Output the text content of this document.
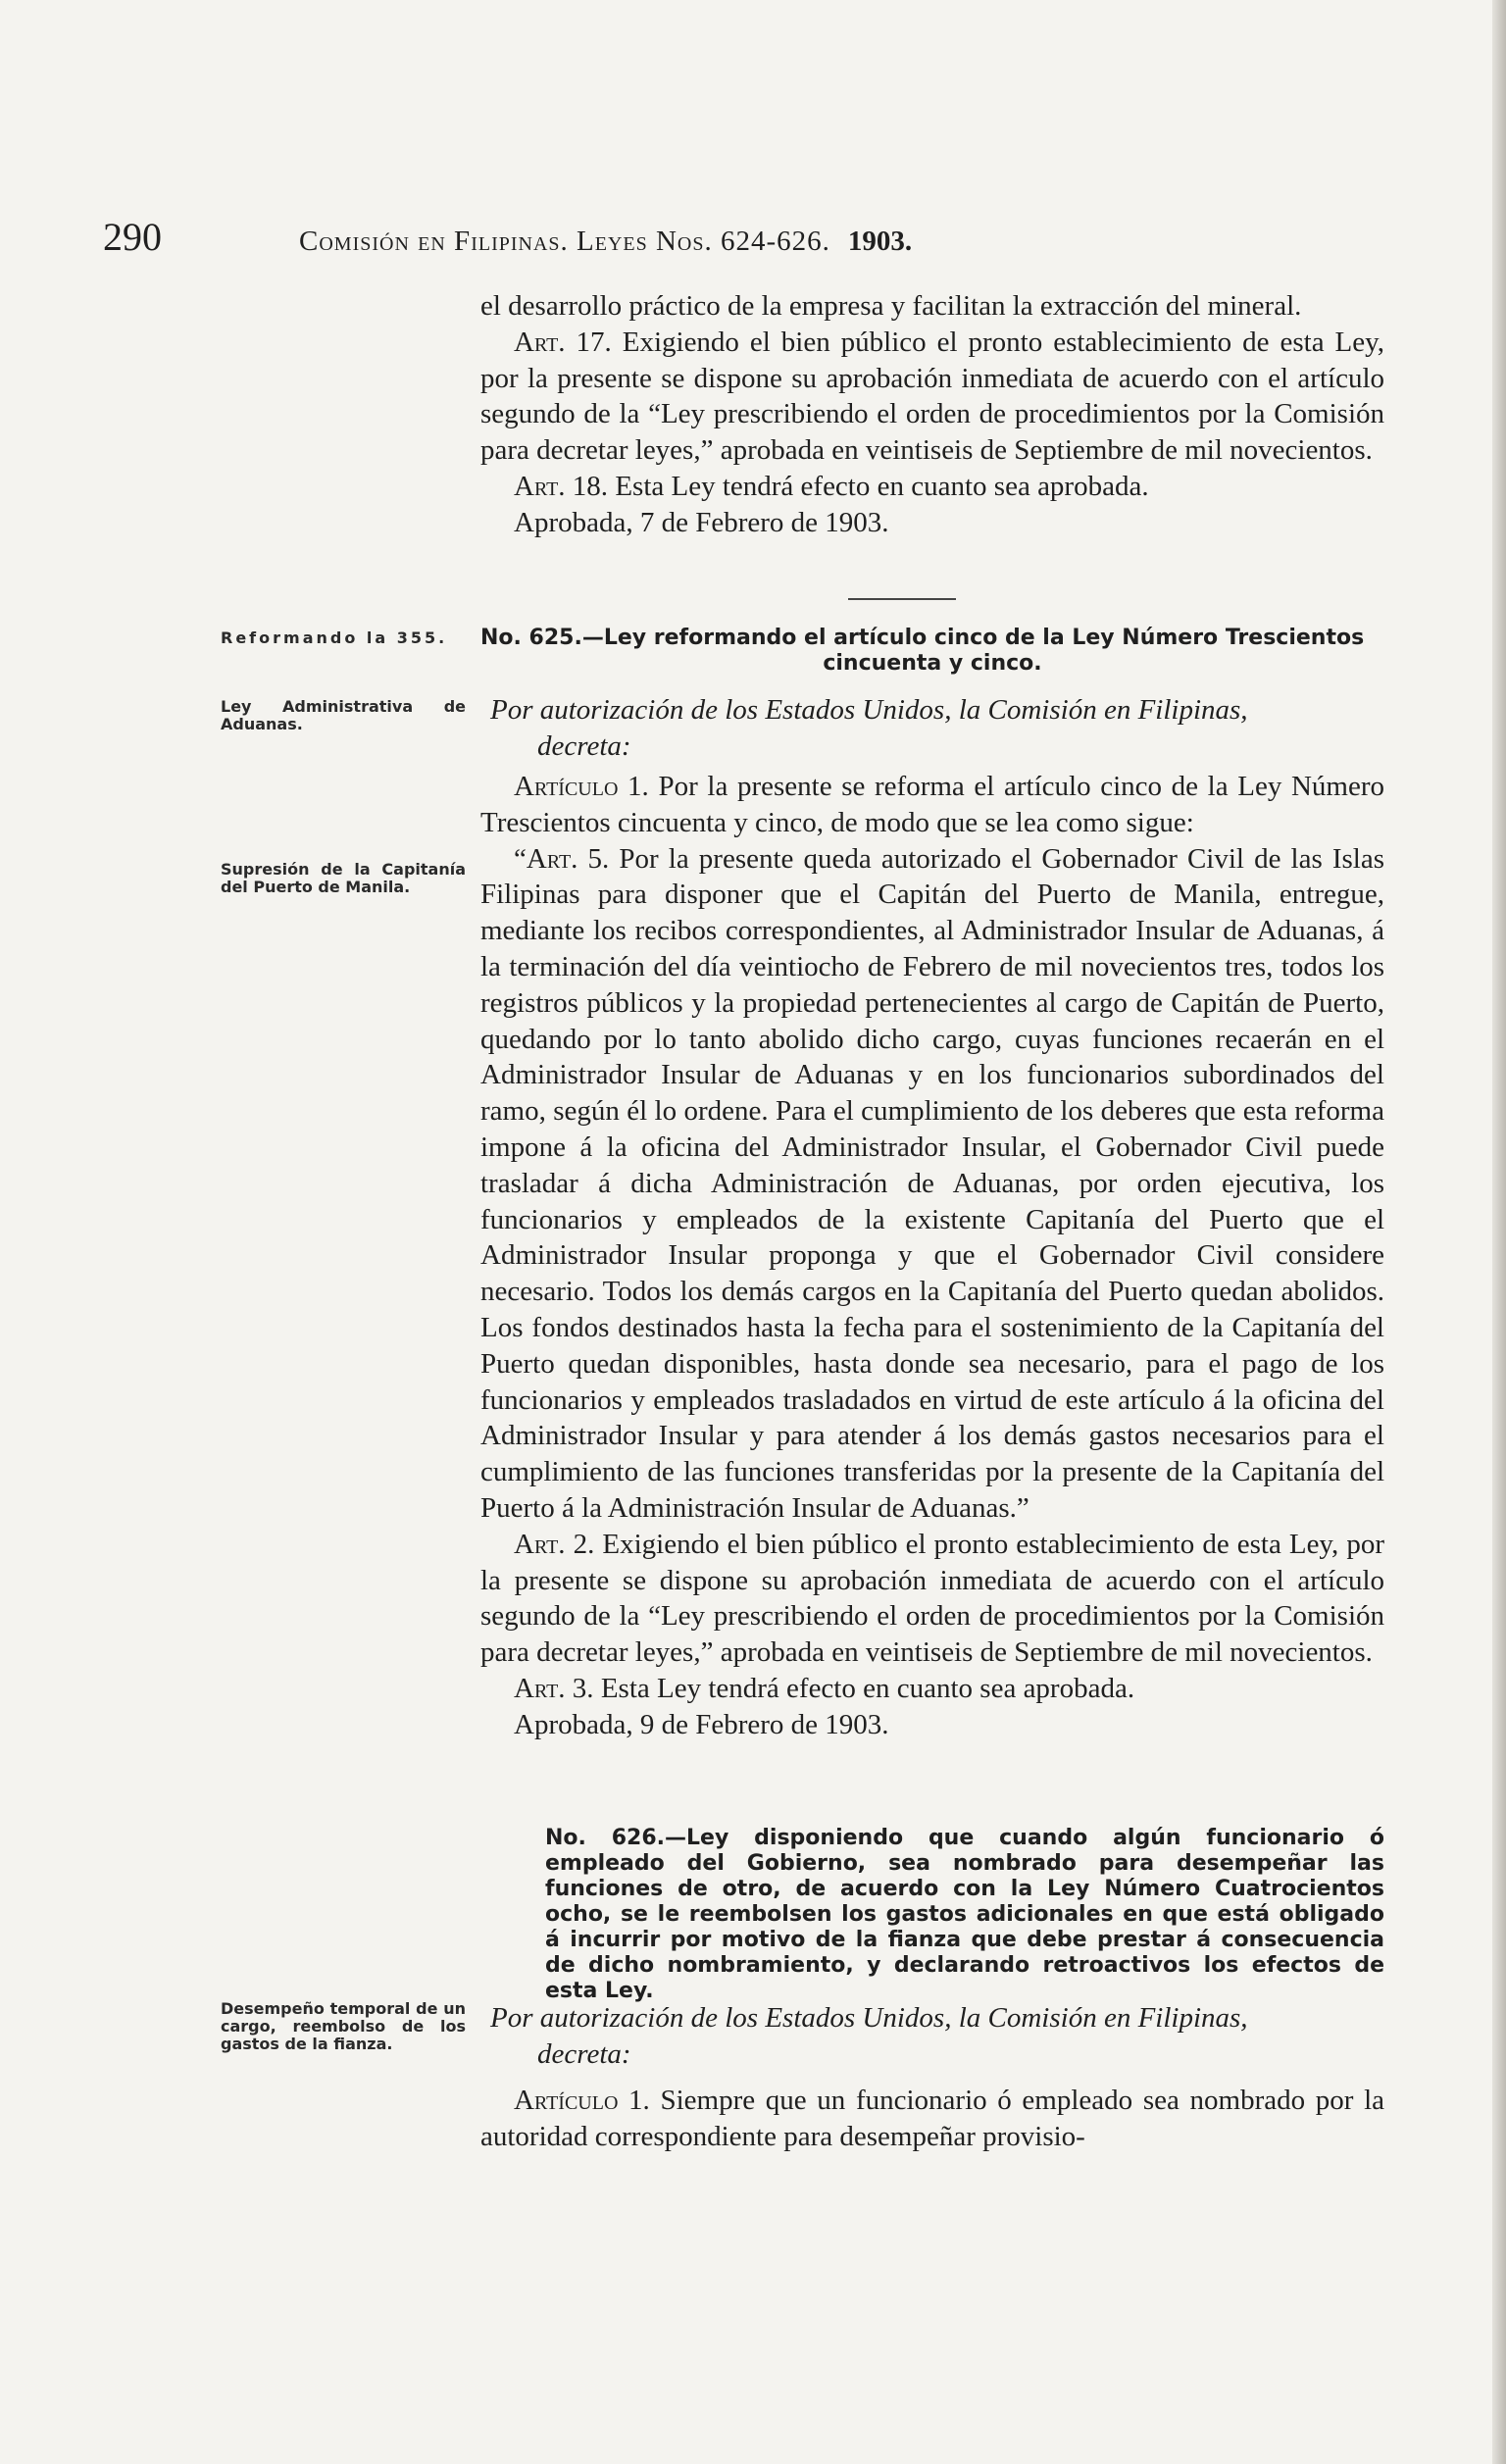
290	Comisión en Filipinas. Leyes Nos. 624-626. 1903.

el desarrollo práctico de la empresa y facilitan la extracción del mineral.

Art. 17. Exigiendo el bien público el pronto establecimiento de esta Ley, por la presente se dispone su aprobación inmediata de acuerdo con el artículo segundo de la “Ley prescribiendo el orden de procedimientos por la Comisión para decretar leyes,” aprobada en veintiseis de Septiembre de mil novecientos.

Art. 18. Esta Ley tendrá efecto en cuanto sea aprobada.

Aprobada, 7 de Febrero de 1903.

Reformando la 355.	No. 625.—Ley reformando el artículo cinco de la Ley Número Trescientos
cincuenta y cinco.
Ley Administrativa de Aduanas.	Por autorización de los Estados Unidos, la Comisión en Filipinas,
decreta:
Supresión de la Capitanía del Puerto de Manila.

Artículo 1. Por la presente se reforma el artículo cinco de la Ley Número Trescientos cincuenta y cinco, de modo que se lea como sigue:

“Art. 5. Por la presente queda autorizado el Gobernador Civil de las Islas Filipinas para disponer que el Capitán del Puerto de Manila, entregue, mediante los recibos correspondientes, al Administrador Insular de Aduanas, á la terminación del día veintiocho de Febrero de mil novecientos tres, todos los registros públicos y la propiedad pertenecientes al cargo de Capitán de Puerto, quedando por lo tanto abolido dicho cargo, cuyas funciones recaerán en el Administrador Insular de Aduanas y en los funcionarios subordinados del ramo, según él lo ordene. Para el cumplimiento de los deberes que esta reforma impone á la oficina del Administrador Insular, el Gobernador Civil puede trasladar á dicha Administración de Aduanas, por orden ejecutiva, los funcionarios y empleados de la existente Capitanía del Puerto que el Administrador Insular proponga y que el Gobernador Civil considere necesario. Todos los demás cargos en la Capitanía del Puerto quedan abolidos. Los fondos destinados hasta la fecha para el sostenimiento de la Capitanía del Puerto quedan disponibles, hasta donde sea necesario, para el pago de los funcionarios y empleados trasladados en virtud de este artículo á la oficina del Administrador Insular y para atender á los demás gastos necesarios para el cumplimiento de las funciones transferidas por la presente de la Capitanía del Puerto á la Administración Insular de Aduanas.”

Art. 2. Exigiendo el bien público el pronto establecimiento de esta Ley, por la presente se dispone su aprobación inmediata de acuerdo con el artículo segundo de la “Ley prescribiendo el orden de procedimientos por la Comisión para decretar leyes,” aprobada en veintiseis de Septiembre de mil novecientos.

Art. 3. Esta Ley tendrá efecto en cuanto sea aprobada.

Aprobada, 9 de Febrero de 1903.

No. 626.—Ley disponiendo que cuando algún funcionario ó empleado del Gobierno, sea nombrado para desempeñar las funciones de otro, de acuerdo con la Ley Número Cuatrocientos ocho, se le reembolsen los gastos adicionales en que está obligado á incurrir por motivo de la fianza que debe prestar á consecuencia de dicho nombramiento, y declarando retroactivos los efectos de esta Ley.
Desempeño temporal de un cargo, reembolso de los gastos de la fianza.
Por autorización de los Estados Unidos, la Comisión en Filipinas,
decreta:

Artículo 1. Siempre que un funcionario ó empleado sea nombrado por la autoridad correspondiente para desempeñar provisio-
